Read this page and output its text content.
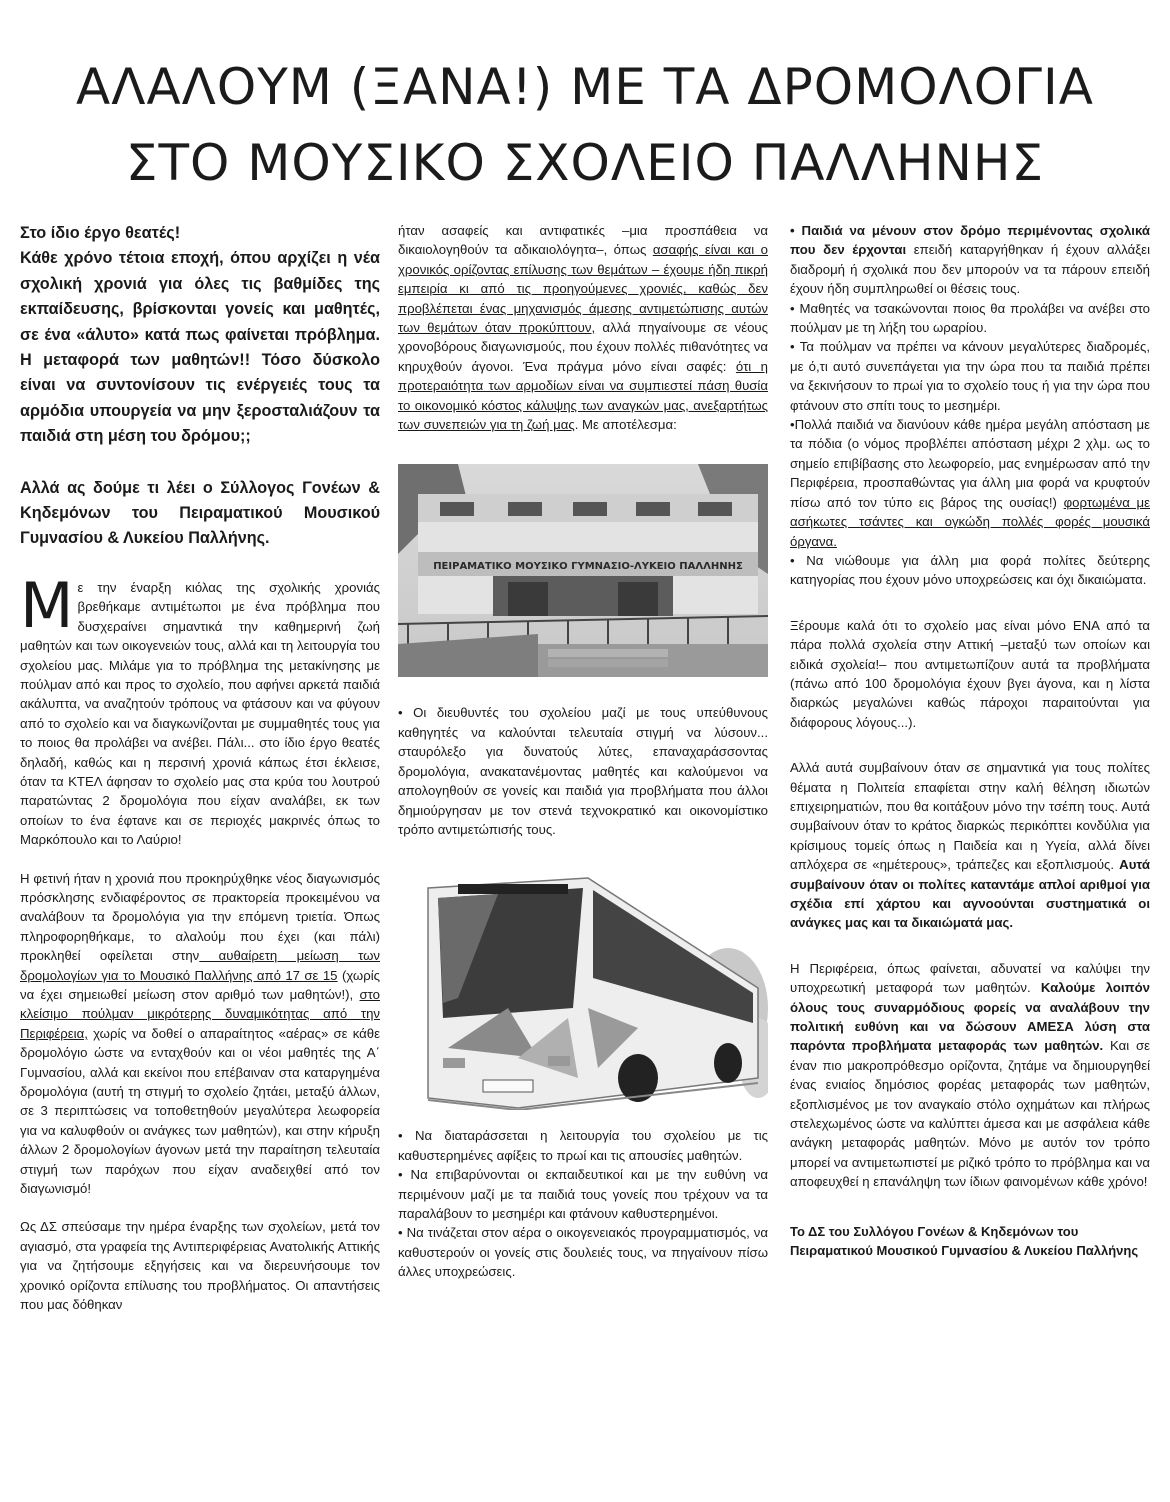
ΑΛΑΛΟΥΜ (ΞΑΝΑ!) ΜΕ ΤΑ ΔΡΟΜΟΛΟΓΙΑ
ΣΤΟ ΜΟΥΣΙΚΟ ΣΧΟΛΕΙΟ ΠΑΛΛΗΝΗΣ
Στο ίδιο έργο θεατές!

Κάθε χρόνο τέτοια εποχή, όπου αρχίζει η νέα σχολική χρονιά για όλες τις βαθμίδες της εκπαίδευσης, βρίσκονται γονείς και μαθητές, σε ένα «άλυτο» κατά πως φαίνεται πρόβλημα. Η μεταφορά των μαθητών!! Τόσο δύσκολο είναι να συντονίσουν τις ενέργειές τους τα αρμόδια υπουργεία να μην ξεροσταλιάζουν τα παιδιά στη μέση του δρόμου;;

Αλλά ας δούμε τι λέει ο Σύλλογος Γονέων & Κηδεμόνων του Πειραματικού Μουσικού Γυμνασίου & Λυκείου Παλλήνης.

Μ ε την έναρξη κιόλας της σχολικής χρονιάς βρεθήκαμε αντιμέτωποι με ένα πρόβλημα που δυσχεραίνει σημαντικά την καθημερινή ζωή μαθητών και των οικογενειών τους, αλλά και τη λειτουργία του σχολείου μας. Μιλάμε για το πρόβλημα της μετακίνησης με πούλμαν από και προς το σχολείο, που αφήνει αρκετά παιδιά ακάλυπτα, να αναζητούν τρόπους να φτάσουν και να φύγουν από το σχολείο και να διαγκωνίζονται με συμμαθητές τους για το ποιος θα προλάβει να ανέβει. Πάλι... στο ίδιο έργο θεατές δηλαδή, καθώς και η περσινή χρονιά κάπως έτσι έκλεισε, όταν τα ΚΤΕΛ άφησαν το σχολείο μας στα κρύα του λουτρού παρατώντας 2 δρομολόγια που είχαν αναλάβει, εκ των οποίων το ένα έφτανε και σε περιοχές μακρινές όπως το Μαρκόπουλο και το Λαύριο!

Η φετινή ήταν η χρονιά που προκηρύχθηκε νέος διαγωνισμός πρόσκλησης ενδιαφέροντος σε πρακτορεία προκειμένου να αναλάβουν τα δρομολόγια για την επόμενη τριετία. Όπως πληροφορηθήκαμε, το αλαλούμ που έχει (και πάλι) προκληθεί οφείλεται στην αυθαίρετη μείωση των δρομολογίων για το Μουσικό Παλλήνης από 17 σε 15 (χωρίς να έχει σημειωθεί μείωση στον αριθμό των μαθητών!), στο κλείσιμο πούλμαν μικρότερης δυναμικότητας από την Περιφέρεια, χωρίς να δοθεί ο απαραίτητος «αέρας» σε κάθε δρομολόγιο ώστε να ενταχθούν και οι νέοι μαθητές της Α΄ Γυμνασίου, αλλά και εκείνοι που επέβαιναν στα καταργημένα δρομολόγια (αυτή τη στιγμή το σχολείο ζητάει, μεταξύ άλλων, σε 3 περιπτώσεις να τοποθετηθούν μεγαλύτερα λεωφορεία για να καλυφθούν οι ανάγκες των μαθητών), και στην κήρυξη άλλων 2 δρομολογίων άγονων μετά την παραίτηση τελευταία στιγμή των παρόχων που είχαν αναδειχθεί από τον διαγωνισμό!

Ως ΔΣ σπεύσαμε την ημέρα έναρξης των σχολείων, μετά τον αγιασμό, στα γραφεία της Αντιπεριφέρειας Ανατολικής Αττικής για να ζητήσουμε εξηγήσεις και να διερευνήσουμε τον χρονικό ορίζοντα επίλυσης του προβλήματος. Οι απαντήσεις που μας δόθηκαν

ήταν ασαφείς και αντιφατικές –μια προσπάθεια να δικαιολογηθούν τα αδικαιολόγητα–, όπως ασαφής είναι και ο χρονικός ορίζοντας επίλυσης των θεμάτων – έχουμε ήδη πικρή εμπειρία κι από τις προηγούμενες χρονιές, καθώς δεν προβλέπεται ένας μηχανισμός άμεσης αντιμετώπισης αυτών των θεμάτων όταν προκύπτουν, αλλά πηγαίνουμε σε νέους χρονοβόρους διαγωνισμούς, που έχουν πολλές πιθανότητες να κηρυχθούν άγονοι. Ένα πράγμα μόνο είναι σαφές: ότι η προτεραιότητα των αρμοδίων είναι να συμπιεστεί πάση θυσία το οικονομικό κόστος κάλυψης των αναγκών μας, ανεξαρτήτως των συνεπειών για τη ζωή μας. Με αποτέλεσμα:

ΠΕΙΡΑΜΑΤΙΚΟ ΜΟΥΣΙΚΟ ΓΥΜΝΑΣΙΟ-ΛΥΚΕΙΟ ΠΑΛΛΗΝΗΣ

• Οι διευθυντές του σχολείου μαζί με τους υπεύθυνους καθηγητές να καλούνται τελευταία στιγμή να λύσουν... σταυρόλεξο για δυνατούς λύτες, επαναχαράσσοντας δρομολόγια, ανακατανέμοντας μαθητές και καλούμενοι να απολογηθούν σε γονείς και παιδιά για προβλήματα που άλλοι δημιούργησαν με τον στενά τεχνοκρατικό και οικονομίστικο τρόπο αντιμετώπισής τους.

• Να διαταράσσεται η λειτουργία του σχολείου με τις καθυστερημένες αφίξεις το πρωί και τις απουσίες μαθητών.

• Να επιβαρύνονται οι εκπαιδευτικοί και με την ευθύνη να περιμένουν μαζί με τα παιδιά τους γονείς που τρέχουν να τα παραλάβουν το μεσημέρι και φτάνουν καθυστερημένοι.

• Να τινάζεται στον αέρα ο οικογενειακός προγραμματισμός, να καθυστερούν οι γονείς στις δουλειές τους, να πηγαίνουν πίσω άλλες υποχρεώσεις.

• Παιδιά να μένουν στον δρόμο περιμένοντας σχολικά που δεν έρχονται επειδή καταργήθηκαν ή έχουν αλλάξει διαδρομή ή σχολικά που δεν μπορούν να τα πάρουν επειδή έχουν ήδη συμπληρωθεί οι θέσεις τους.

• Μαθητές να τσακώνονται ποιος θα προλάβει να ανέβει στο πούλμαν με τη λήξη του ωραρίου.

• Τα πούλμαν να πρέπει να κάνουν μεγαλύτερες διαδρομές, με ό,τι αυτό συνεπάγεται για την ώρα που τα παιδιά πρέπει να ξεκινήσουν το πρωί για το σχολείο τους ή για την ώρα που φτάνουν στο σπίτι τους το μεσημέρι.

•Πολλά παιδιά να διανύουν κάθε ημέρα μεγάλη απόσταση με τα πόδια (ο νόμος προβλέπει απόσταση μέχρι 2 χλμ. ως το σημείο επιβίβασης στο λεωφορείο, μας ενημέρωσαν από την Περιφέρεια, προσπαθώντας για άλλη μια φορά να κρυφτούν πίσω από τον τύπο εις βάρος της ουσίας!) φορτωμένα με ασήκωτες τσάντες και ογκώδη πολλές φορές μουσικά όργανα.

• Να νιώθουμε για άλλη μια φορά πολίτες δεύτερης κατηγορίας που έχουν μόνο υποχρεώσεις και όχι δικαιώματα.

Ξέρουμε καλά ότι το σχολείο μας είναι μόνο ΕΝΑ από τα πάρα πολλά σχολεία στην Αττική –μεταξύ των οποίων και ειδικά σχολεία!– που αντιμετωπίζουν αυτά τα προβλήματα (πάνω από 100 δρομολόγια έχουν βγει άγονα, και η λίστα διαρκώς μεγαλώνει καθώς πάροχοι παραιτούνται για διάφορους λόγους...).

Αλλά αυτά συμβαίνουν όταν σε σημαντικά για τους πολίτες θέματα η Πολιτεία επαφίεται στην καλή θέληση ιδιωτών επιχειρηματιών, που θα κοιτάξουν μόνο την τσέπη τους. Αυτά συμβαίνουν όταν το κράτος διαρκώς περικόπτει κονδύλια για κρίσιμους τομείς όπως η Παιδεία και η Υγεία, αλλά δίνει απλόχερα σε «ημέτερους», τράπεζες και εξοπλισμούς. Αυτά συμβαίνουν όταν οι πολίτες καταντάμε απλοί αριθμοί για σχέδια επί χάρτου και αγνοούνται συστηματικά οι ανάγκες μας και τα δικαιώματά μας.

Η Περιφέρεια, όπως φαίνεται, αδυνατεί να καλύψει την υποχρεωτική μεταφορά των μαθητών. Καλούμε λοιπόν όλους τους συναρμόδιους φορείς να αναλάβουν την πολιτική ευθύνη και να δώσουν ΑΜΕΣΑ λύση στα παρόντα προβλήματα μεταφοράς των μαθητών. Και σε έναν πιο μακροπρόθεσμο ορίζοντα, ζητάμε να δημιουργηθεί ένας ενιαίος δημόσιος φορέας μεταφοράς των μαθητών, εξοπλισμένος με τον αναγκαίο στόλο οχημάτων και πλήρως στελεχωμένος ώστε να καλύπτει άμεσα και με ασφάλεια κάθε ανάγκη μεταφοράς μαθητών. Μόνο με αυτόν τον τρόπο μπορεί να αντιμετωπιστεί με ριζικό τρόπο το πρόβλημα και να αποφευχθεί η επανάληψη των ίδιων φαινομένων κάθε χρόνο!

Το ΔΣ του Συλλόγου Γονέων & Κηδεμόνων του
Πειραματικού Μουσικού Γυμνασίου & Λυκείου Παλλήνης
